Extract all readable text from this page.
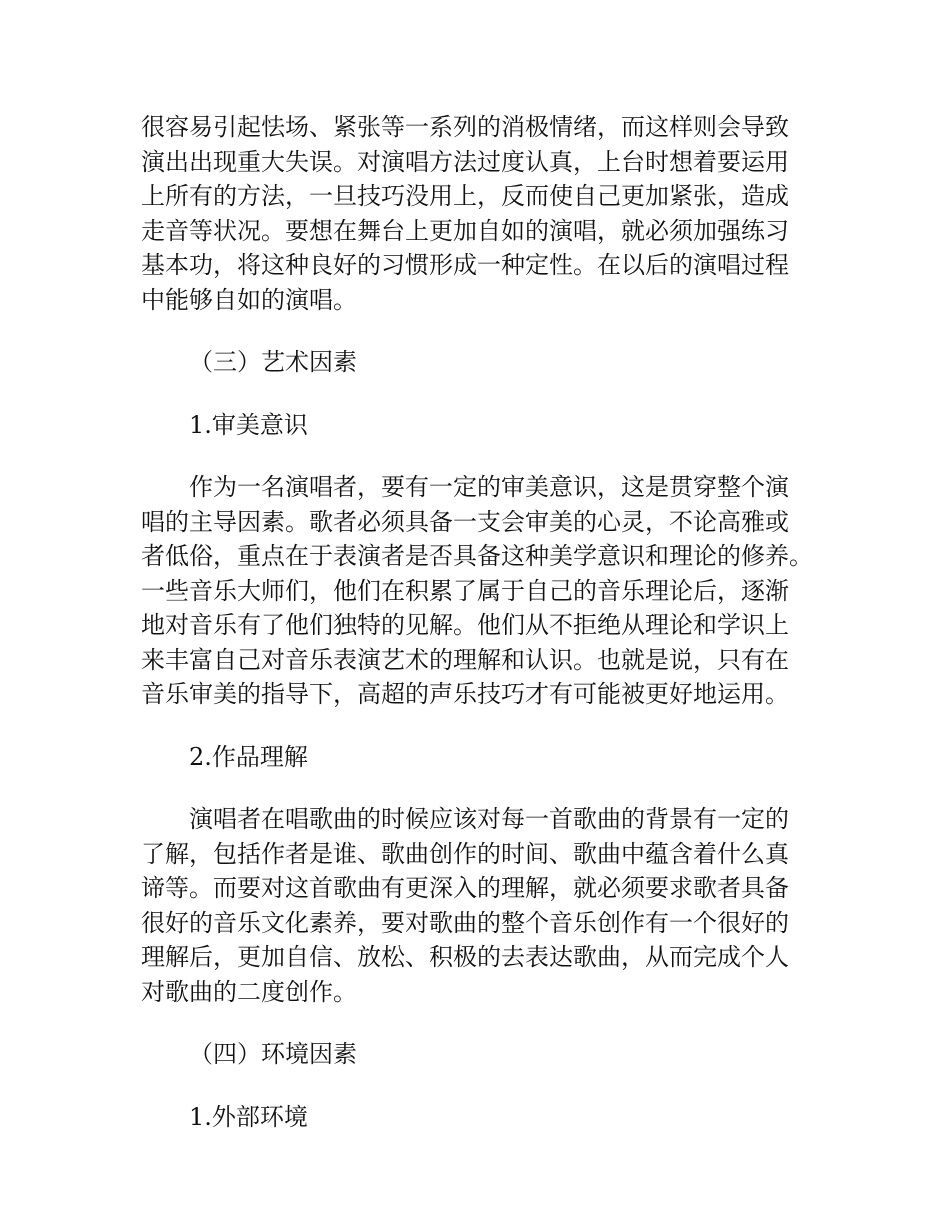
很容易引起怯场、紧张等一系列的消极情绪，而这样则会导致
演出出现重大失误。对演唱方法过度认真，上台时想着要运用
上所有的方法，一旦技巧没用上，反而使自己更加紧张，造成
走音等状况。要想在舞台上更加自如的演唱，就必须加强练习
基本功，将这种良好的习惯形成一种定性。在以后的演唱过程
中能够自如的演唱。
（三）艺术因素
1.审美意识
作为一名演唱者，要有一定的审美意识，这是贯穿整个演
唱的主导因素。歌者必须具备一支会审美的心灵，不论高雅或
者低俗，重点在于表演者是否具备这种美学意识和理论的修养。
一些音乐大师们，他们在积累了属于自己的音乐理论后，逐渐
地对音乐有了他们独特的见解。他们从不拒绝从理论和学识上
来丰富自己对音乐表演艺术的理解和认识。也就是说，只有在
音乐审美的指导下，高超的声乐技巧才有可能被更好地运用。
2.作品理解
演唱者在唱歌曲的时候应该对每一首歌曲的背景有一定的
了解，包括作者是谁、歌曲创作的时间、歌曲中蕴含着什么真
谛等。而要对这首歌曲有更深入的理解，就必须要求歌者具备
很好的音乐文化素养，要对歌曲的整个音乐创作有一个很好的
理解后，更加自信、放松、积极的去表达歌曲，从而完成个人
对歌曲的二度创作。
（四）环境因素
1.外部环境
